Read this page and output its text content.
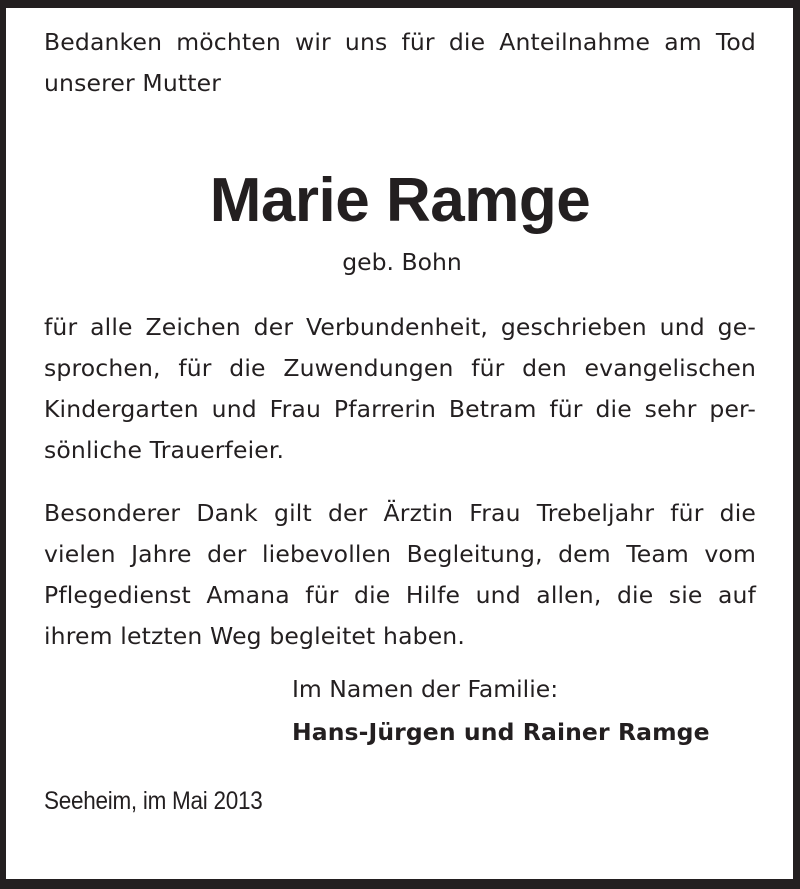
Bedanken möchten wir uns für die Anteilnahme am Tod

unserer Mutter

Marie Ramge

geb. Bohn

für alle Zeichen der Verbundenheit, geschrieben und ge-

sprochen, für die Zuwendungen für den evangelischen

Kindergarten und Frau Pfarrerin Betram für die sehr per-

sönliche Trauerfeier.

Besonderer Dank gilt der Ärztin Frau Trebeljahr für die

vielen Jahre der liebevollen Begleitung, dem Team vom

Pflegedienst Amana für die Hilfe und allen, die sie auf

ihrem letzten Weg begleitet haben.

Im Namen der Familie:

Hans-Jürgen und Rainer Ramge

Seeheim, im Mai 2013
